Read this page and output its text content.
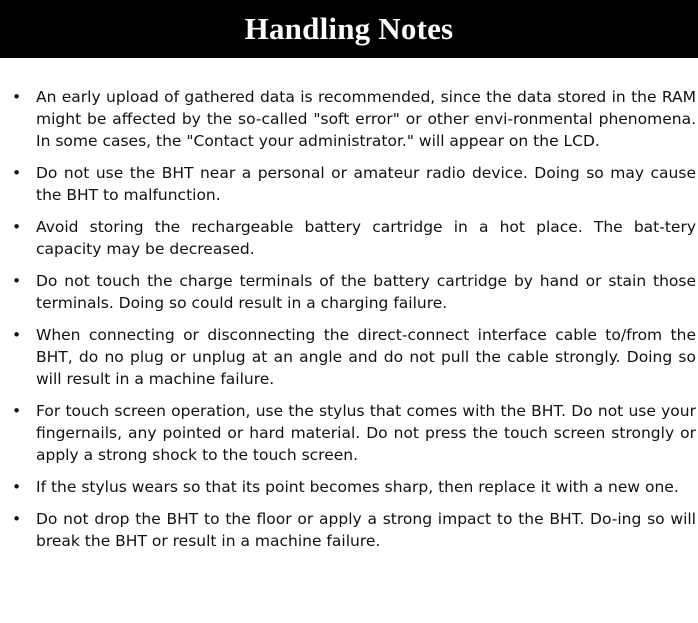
Handling Notes
• An early upload of gathered data is recommended, since the data stored in the RAM might be affected by the so-called "soft error" or other envi-ronmental phenomena. In some cases, the "Contact your administrator." will appear on the LCD.
• Do not use the BHT near a personal or amateur radio device. Doing so may cause the BHT to malfunction.
• Avoid storing the rechargeable battery cartridge in a hot place. The bat-tery capacity may be decreased.
• Do not touch the charge terminals of the battery cartridge by hand or stain those terminals. Doing so could result in a charging failure.
• When connecting or disconnecting the direct-connect interface cable to/from the BHT, do no plug or unplug at an angle and do not pull the cable strongly. Doing so will result in a machine failure.
• For touch screen operation, use the stylus that comes with the BHT. Do not use your fingernails, any pointed or hard material. Do not press the touch screen strongly or apply a strong shock to the touch screen.
• If the stylus wears so that its point becomes sharp, then replace it with a new one.
• Do not drop the BHT to the floor or apply a strong impact to the BHT. Do-ing so will break the BHT or result in a machine failure.
